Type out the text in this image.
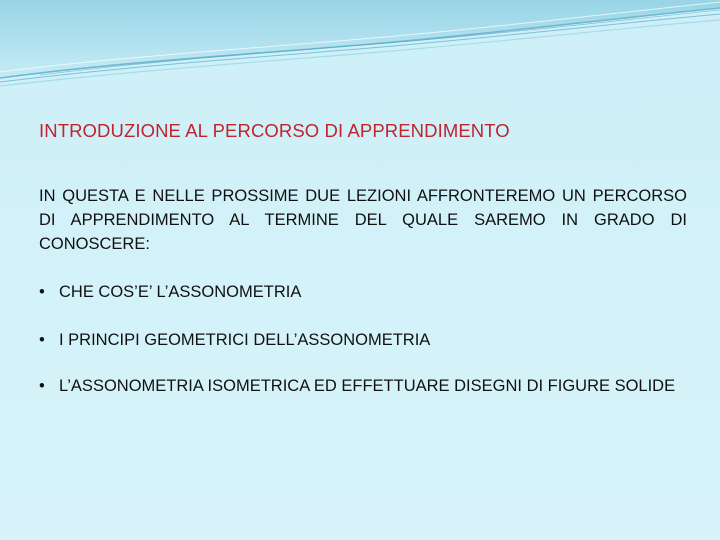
INTRODUZIONE AL PERCORSO DI APPRENDIMENTO

IN QUESTA E NELLE PROSSIME DUE LEZIONI AFFRONTEREMO UN PERCORSO DI APPRENDIMENTO AL TERMINE DEL QUALE SAREMO IN GRADO DI CONOSCERE:

• CHE COS’E’ L’ASSONOMETRIA
• I PRINCIPI GEOMETRICI DELL’ASSONOMETRIA
• L’ASSONOMETRIA ISOMETRICA ED EFFETTUARE DISEGNI DI FIGURE SOLIDE
